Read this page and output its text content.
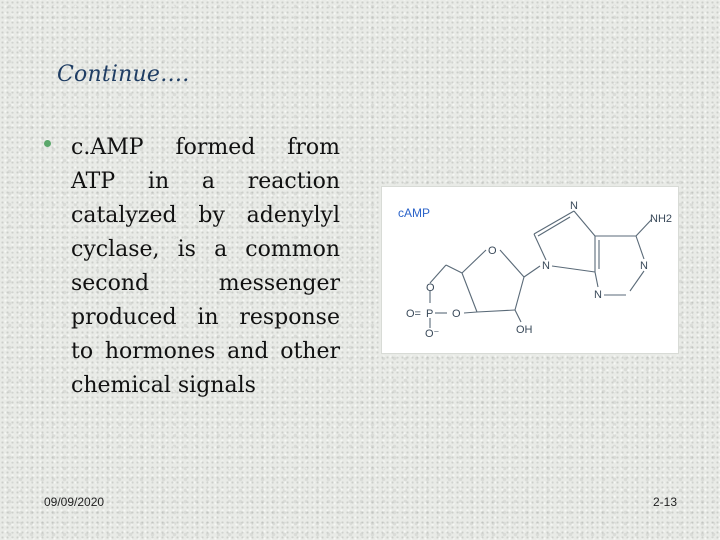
Continue….
c.AMP formed from ATP in a reaction catalyzed by adenylyl cyclase, is a common second messenger produced in response to hormones and other chemical signals
N
N	N
N
NH2
O
O
O= P O
O⁻	OH
cAMP
09/09/2020	2-13
